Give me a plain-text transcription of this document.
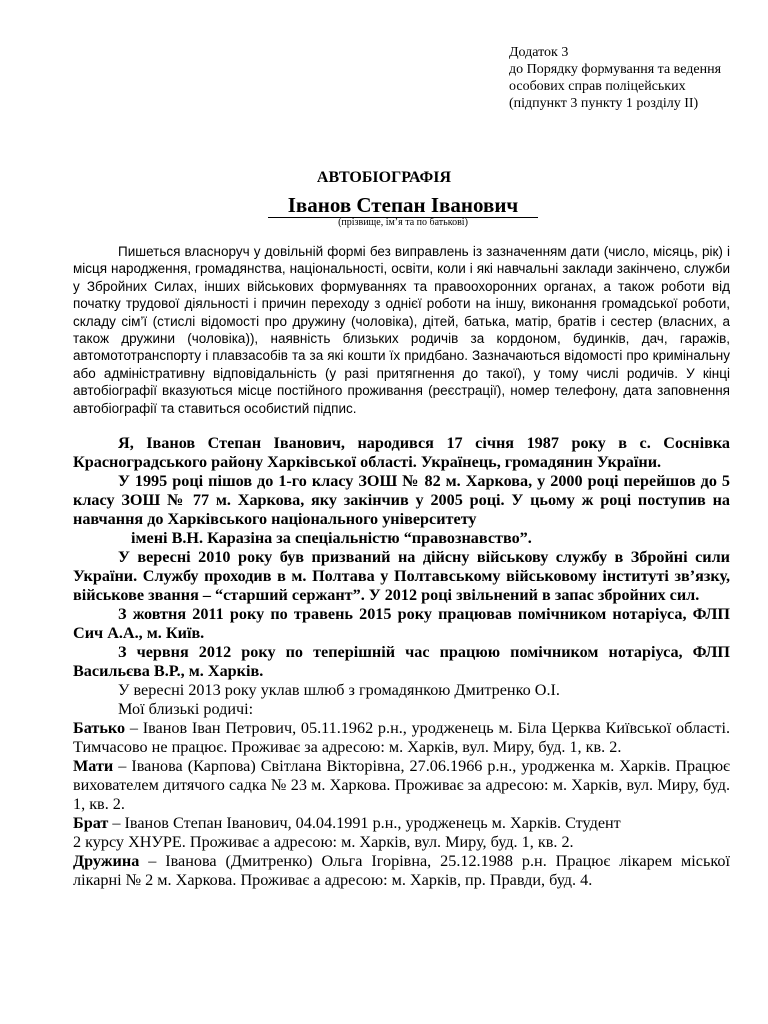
Додаток 3
до Порядку формування та ведення
особових справ поліцейських
(підпункт 3 пункту 1 розділу ІІ)
АВТОБІОГРАФІЯ
Іванов Степан Іванович
(прізвище, ім’я та по батькові)

Пишеться власноруч у довільній формі без виправлень із зазначенням дати (число, місяць, рік) і місця народження, громадянства, національності, освіти, коли і які навчальні заклади закінчено, служби у Збройних Силах, інших військових формуваннях та правоохоронних органах, а також роботи від початку трудової діяльності і причин переходу з однієї роботи на іншу, виконання громадської роботи, складу сім’ї (стислі відомості про дружину (чоловіка), дітей, батька, матір, братів і сестер (власних, а також дружини (чоловіка)), наявність близьких родичів за кордоном, будинків, дач, гаражів, автомототранспорту і плавзасобів та за які кошти їх придбано. Зазначаються відомості про кримінальну або адміністративну відповідальність (у разі притягнення до такої), у тому числі родичів. У кінці автобіографії вказуються місце постійного проживання (реєстрації), номер телефону, дата заповнення автобіографії та ставиться особистий підпис.

Я, Іванов Степан Іванович, народився 17 січня 1987 року в с. Соснівка Красноградського району Харківської області. Українець, громадянин України.

У 1995 році пішов до 1-го класу ЗОШ № 82 м. Харкова, у 2000 році перейшов до 5 класу ЗОШ № 77 м. Харкова, яку закінчив у 2005 році. У цьому ж році поступив на навчання до Харківського національного університету

імені В.Н. Каразіна за спеціальністю “правознавство”.

У вересні 2010 року був призваний на дійсну військову службу в Збройні сили України. Службу проходив в м. Полтава у Полтавському військовому інституті зв’язку, військове звання – “старший сержант”. У 2012 році звільнений в запас збройних сил.

З жовтня 2011 року по травень 2015 року працював помічником нотаріуса, ФЛП Сич А.А., м. Київ.

З червня 2012 року по теперішній час працюю помічником нотаріуса, ФЛП Васильєва В.Р., м. Харків.

У вересні 2013 року уклав шлюб з громадянкою Дмитренко О.І.

Мої близькі родичі:

Батько – Іванов Іван Петрович, 05.11.1962 р.н., уродженець м. Біла Церква Київської області. Тимчасово не працює. Проживає за адресою: м. Харків, вул. Миру, буд. 1, кв. 2.

Мати – Іванова (Карпова) Світлана Вікторівна, 27.06.1966 р.н., уродженка м. Харків. Працює вихователем дитячого садка № 23 м. Харкова. Проживає за адресою: м. Харків, вул. Миру, буд. 1, кв. 2.

Брат – Іванов Степан Іванович, 04.04.1991 р.н., уродженець м. Харків. Студент

2 курсу ХНУРЕ. Проживає а адресою: м. Харків, вул. Миру, буд. 1, кв. 2.

Дружина – Іванова (Дмитренко) Ольга Ігорівна, 25.12.1988 р.н. Працює лікарем міської лікарні № 2 м. Харкова. Проживає а адресою: м. Харків, пр. Правди, буд. 4.
